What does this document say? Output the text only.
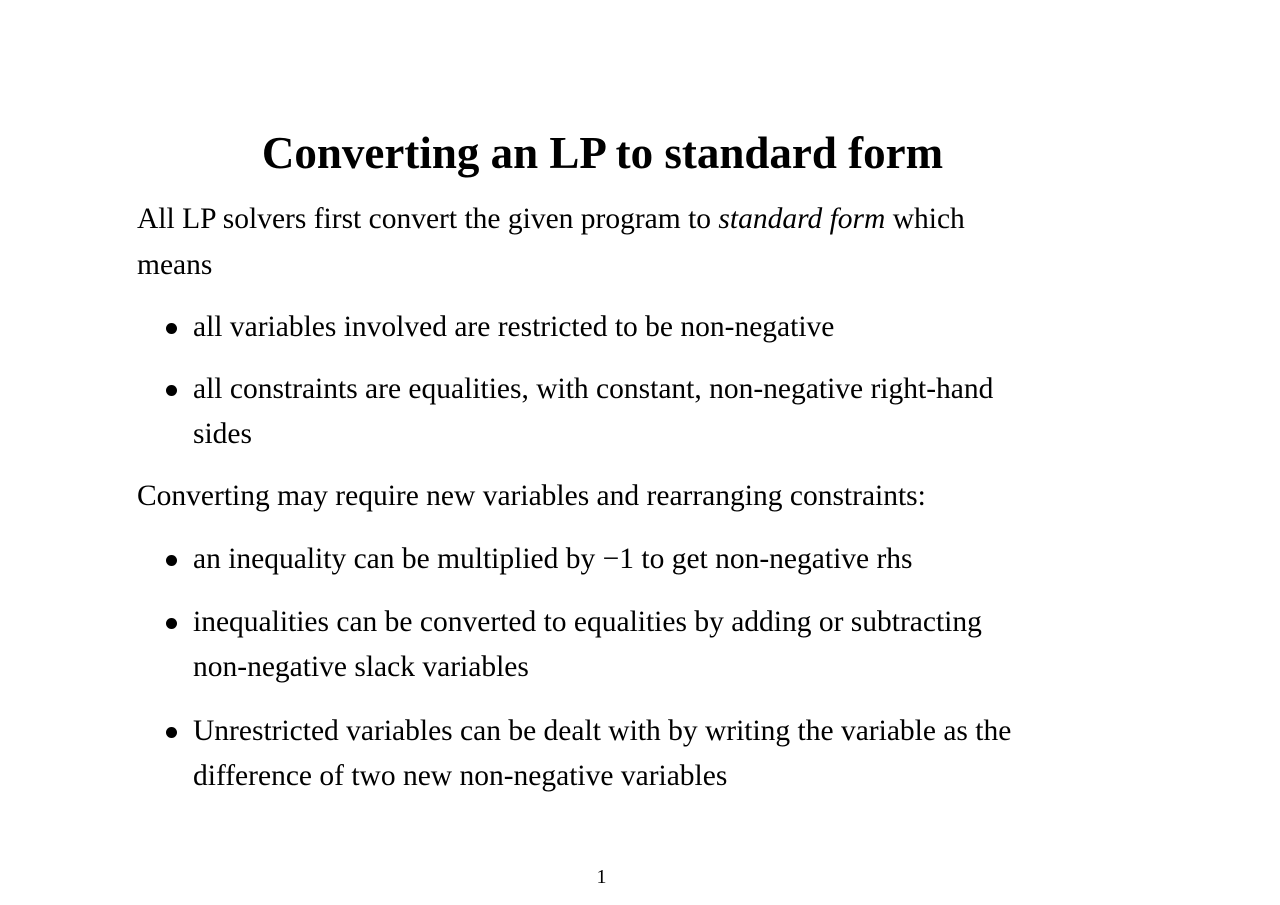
Converting an LP to standard form
All LP solvers first convert the given program to standard form which
means
all variables involved are restricted to be non-negative
all constraints are equalities, with constant, non-negative right-hand
sides
Converting may require new variables and rearranging constraints:
an inequality can be multiplied by −1 to get non-negative rhs
inequalities can be converted to equalities by adding or subtracting
non-negative slack variables
Unrestricted variables can be dealt with by writing the variable as the
difference of two new non-negative variables
1
